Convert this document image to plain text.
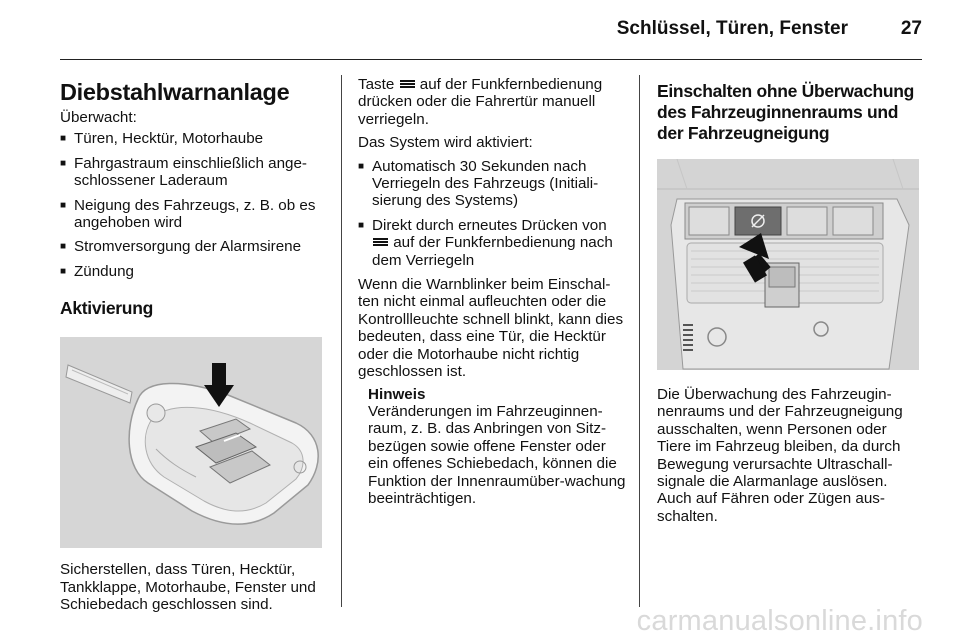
Schlüssel, Türen, Fenster	27
Diebstahlwarnanlage

Überwacht:

■ Türen, Hecktür, Motorhaube
■ Fahrgastraum einschließlich ange-schlossener Laderaum
■ Neigung des Fahrzeugs, z. B. ob es angehoben wird
■ Stromversorgung der Alarmsirene
■ Zündung
Aktivierung

Sicherstellen, dass Türen, Hecktür, Tankklappe, Motorhaube, Fenster und Schiebedach geschlossen sind.

Taste auf der Funkfernbedienung drücken oder die Fahrertür manuell verriegeln.

Das System wird aktiviert:

■ Automatisch 30 Sekunden nach Verriegeln des Fahrzeugs (Initiali-sierung des Systems)
■ Direkt durch erneutes Drücken von  auf der Funkfernbedienung nach dem Verriegeln

Wenn die Warnblinker beim Einschal-ten nicht einmal aufleuchten oder die Kontrollleuchte schnell blinkt, kann dies bedeuten, dass eine Tür, die Hecktür oder die Motorhaube nicht richtig geschlossen ist.

Hinweis
Veränderungen im Fahrzeuginnen-raum, z. B. das Anbringen von Sitz-bezügen sowie offene Fenster oder ein offenes Schiebedach, können die Funktion der Innenraumüber-wachung beeinträchtigen.
Einschalten ohne Überwachung des Fahrzeuginnenraums und der Fahrzeugneigung

Die Überwachung des Fahrzeugin-nenraums und der Fahrzeugneigung ausschalten, wenn Personen oder Tiere im Fahrzeug bleiben, da durch Bewegung verursachte Ultraschall-signale die Alarmanlage auslösen. Auch auf Fähren oder Zügen aus-schalten.

carmanualsonline.info
